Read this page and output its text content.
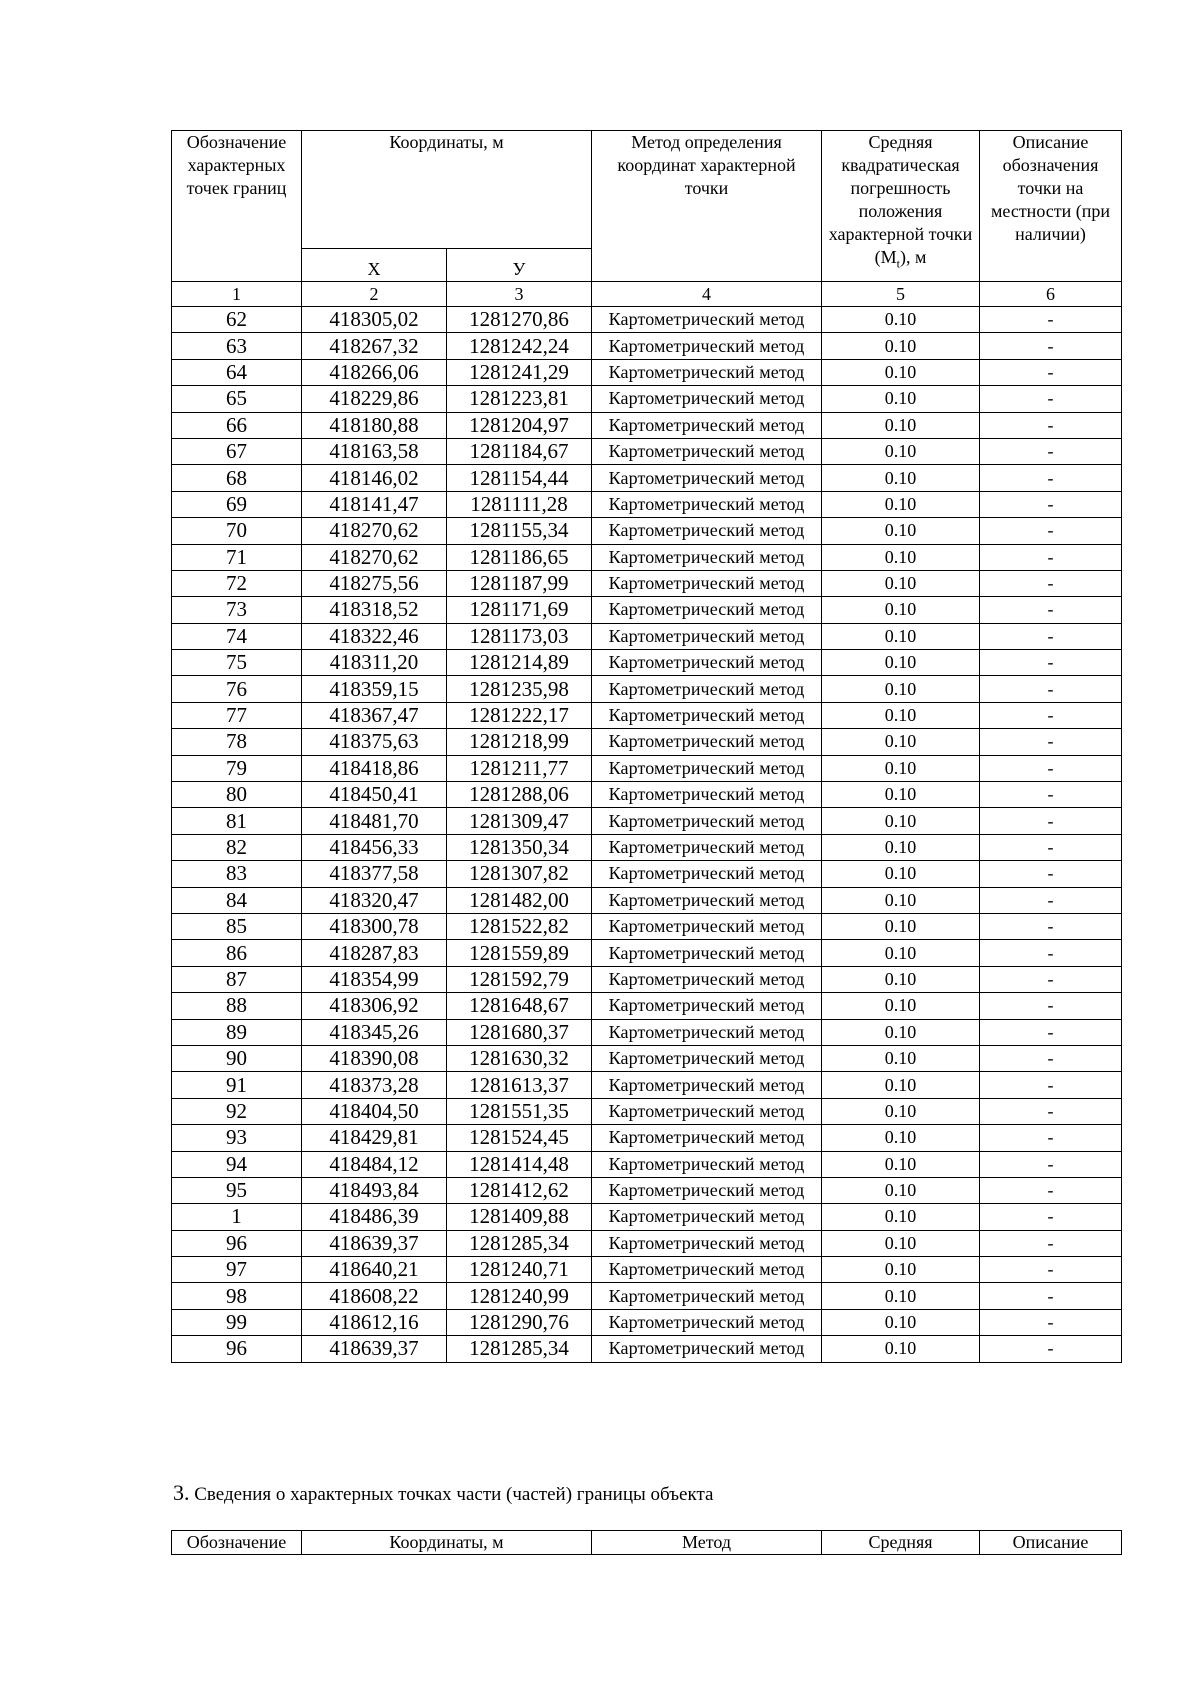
Обозначение характерных точек границ	Координаты, м		Метод определения координат характерной точки	Средняя квадратическая погрешность положения характерной точки $(M_t)$, м	Описание обозначения точки на местности (при наличии)
	Х	У			
1	2	3	4	5	6
62	418305,02	1281270,86	Картометрический метод	0.10	-
63	418267,32	1281242,24	Картометрический метод	0.10	-
64	418266,06	1281241,29	Картометрический метод	0.10	-
65	418229,86	1281223,81	Картометрический метод	0.10	-
66	418180,88	1281204,97	Картометрический метод	0.10	-
67	418163,58	1281184,67	Картометрический метод	0.10	-
68	418146,02	1281154,44	Картометрический метод	0.10	-
69	418141,47	1281111,28	Картометрический метод	0.10	-
70	418270,62	1281155,34	Картометрический метод	0.10	-
71	418270,62	1281186,65	Картометрический метод	0.10	-
72	418275,56	1281187,99	Картометрический метод	0.10	-
73	418318,52	1281171,69	Картометрический метод	0.10	-
74	418322,46	1281173,03	Картометрический метод	0.10	-
75	418311,20	1281214,89	Картометрический метод	0.10	-
76	418359,15	1281235,98	Картометрический метод	0.10	-
77	418367,47	1281222,17	Картометрический метод	0.10	-
78	418375,63	1281218,99	Картометрический метод	0.10	-
79	418418,86	1281211,77	Картометрический метод	0.10	-
80	418450,41	1281288,06	Картометрический метод	0.10	-
81	418481,70	1281309,47	Картометрический метод	0.10	-
82	418456,33	1281350,34	Картометрический метод	0.10	-
83	418377,58	1281307,82	Картометрический метод	0.10	-
84	418320,47	1281482,00	Картометрический метод	0.10	-
85	418300,78	1281522,82	Картометрический метод	0.10	-
86	418287,83	1281559,89	Картометрический метод	0.10	-
87	418354,99	1281592,79	Картометрический метод	0.10	-
88	418306,92	1281648,67	Картометрический метод	0.10	-
89	418345,26	1281680,37	Картометрический метод	0.10	-
90	418390,08	1281630,32	Картометрический метод	0.10	-
91	418373,28	1281613,37	Картометрический метод	0.10	-
92	418404,50	1281551,35	Картометрический метод	0.10	-
93	418429,81	1281524,45	Картометрический метод	0.10	-
94	418484,12	1281414,48	Картометрический метод	0.10	-
95	418493,84	1281412,62	Картометрический метод	0.10	-
1	418486,39	1281409,88	Картометрический метод	0.10	-
96	418639,37	1281285,34	Картометрический метод	0.10	-
97	418640,21	1281240,71	Картометрический метод	0.10	-
98	418608,22	1281240,99	Картометрический метод	0.10	-
99	418612,16	1281290,76	Картометрический метод	0.10	-
96	418639,37	1281285,34	Картометрический метод	0.10	-
3. Сведения о характерных точках части (частей) границы объекта
Обозначение	Координаты, м	Метод	Средняя	Описание
